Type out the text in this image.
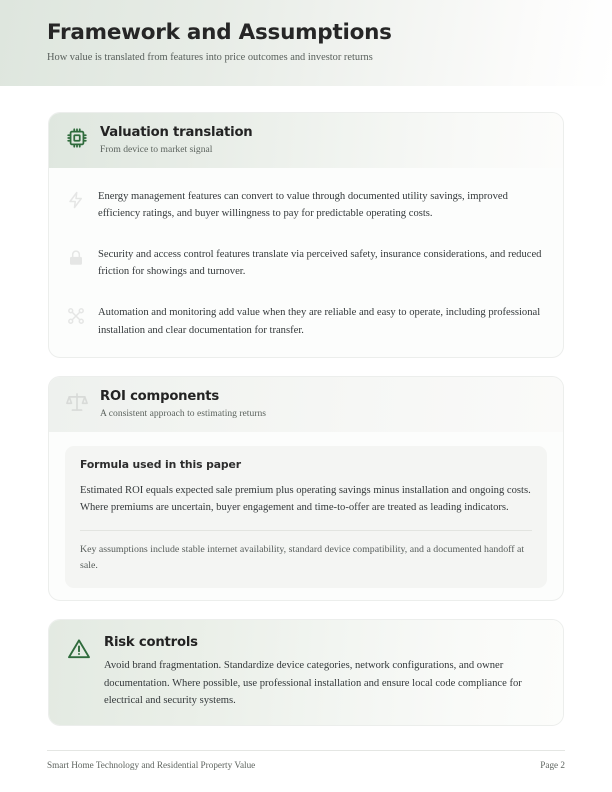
Framework and Assumptions

How value is translated from features into price outcomes and investor returns

Valuation translation
From device to market signal
Energy management features can convert to value through documented utility savings, improved efficiency ratings, and buyer willingness to pay for predictable operating costs.
Security and access control features translate via perceived safety, insurance considerations, and reduced friction for showings and turnover.
Automation and monitoring add value when they are reliable and easy to operate, including professional installation and clear documentation for transfer.
ROI components
A consistent approach to estimating returns
Formula used in this paper
Estimated ROI equals expected sale premium plus operating savings minus installation and ongoing costs. Where premiums are uncertain, buyer engagement and time-to-offer are treated as leading indicators.
Key assumptions include stable internet availability, standard device compatibility, and a documented handoff at sale.
Risk controls
Avoid brand fragmentation. Standardize device categories, network configurations, and owner documentation. Where possible, use professional installation and ensure local code compliance for electrical and security systems.
Smart Home Technology and Residential Property Value	Page 2
